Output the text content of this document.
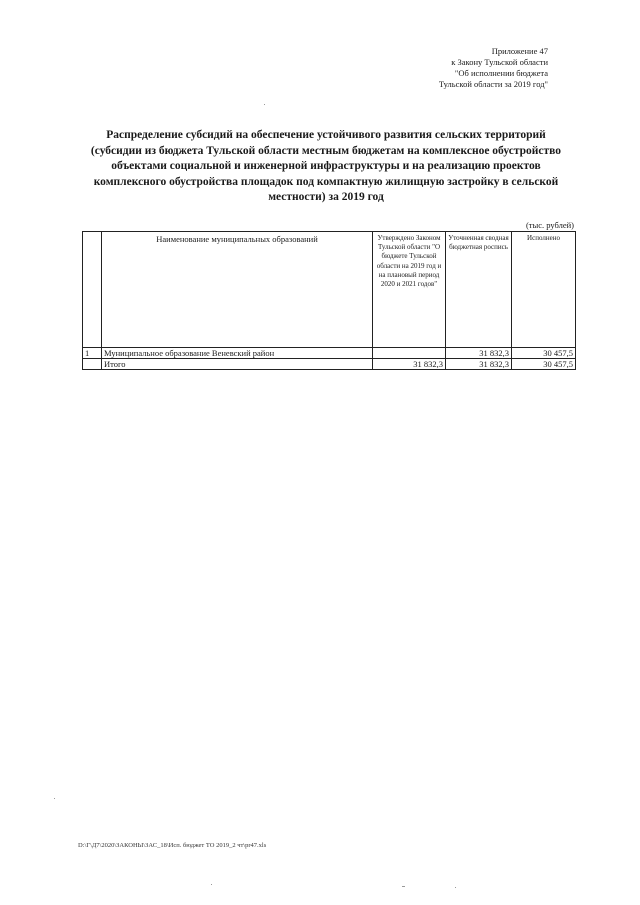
Приложение 47
к Закону Тульской области
"Об исполнении бюджета
Тульской области за 2019 год"
Распределение субсидий на обеспечение устойчивого развития сельских территорий
(субсидии из бюджета Тульской области местным бюджетам на комплексное обустройство
объектами социальной и инженерной инфраструктуры и на реализацию проектов
комплексного обустройства площадок под компактную жилищную застройку в сельской
местности) за 2019 год
(тыс. рублей)
	Наименование муниципальных образований	Утверждено Законом Тульской области "О бюджете Тульской области на 2019 год и на плановый период 2020 и 2021 годов"	Уточненная сводная бюджетная роспись	Исполнено
1	Муниципальное образование Веневский район		31 832,3	30 457,5
	Итого	31 832,3	31 832,3	30 457,5
D:\Г\Д7\2020\ЗАКОНЫ\ЗАС_18\Исп. бюджет ТО 2019_2 чт\pr47.xls
